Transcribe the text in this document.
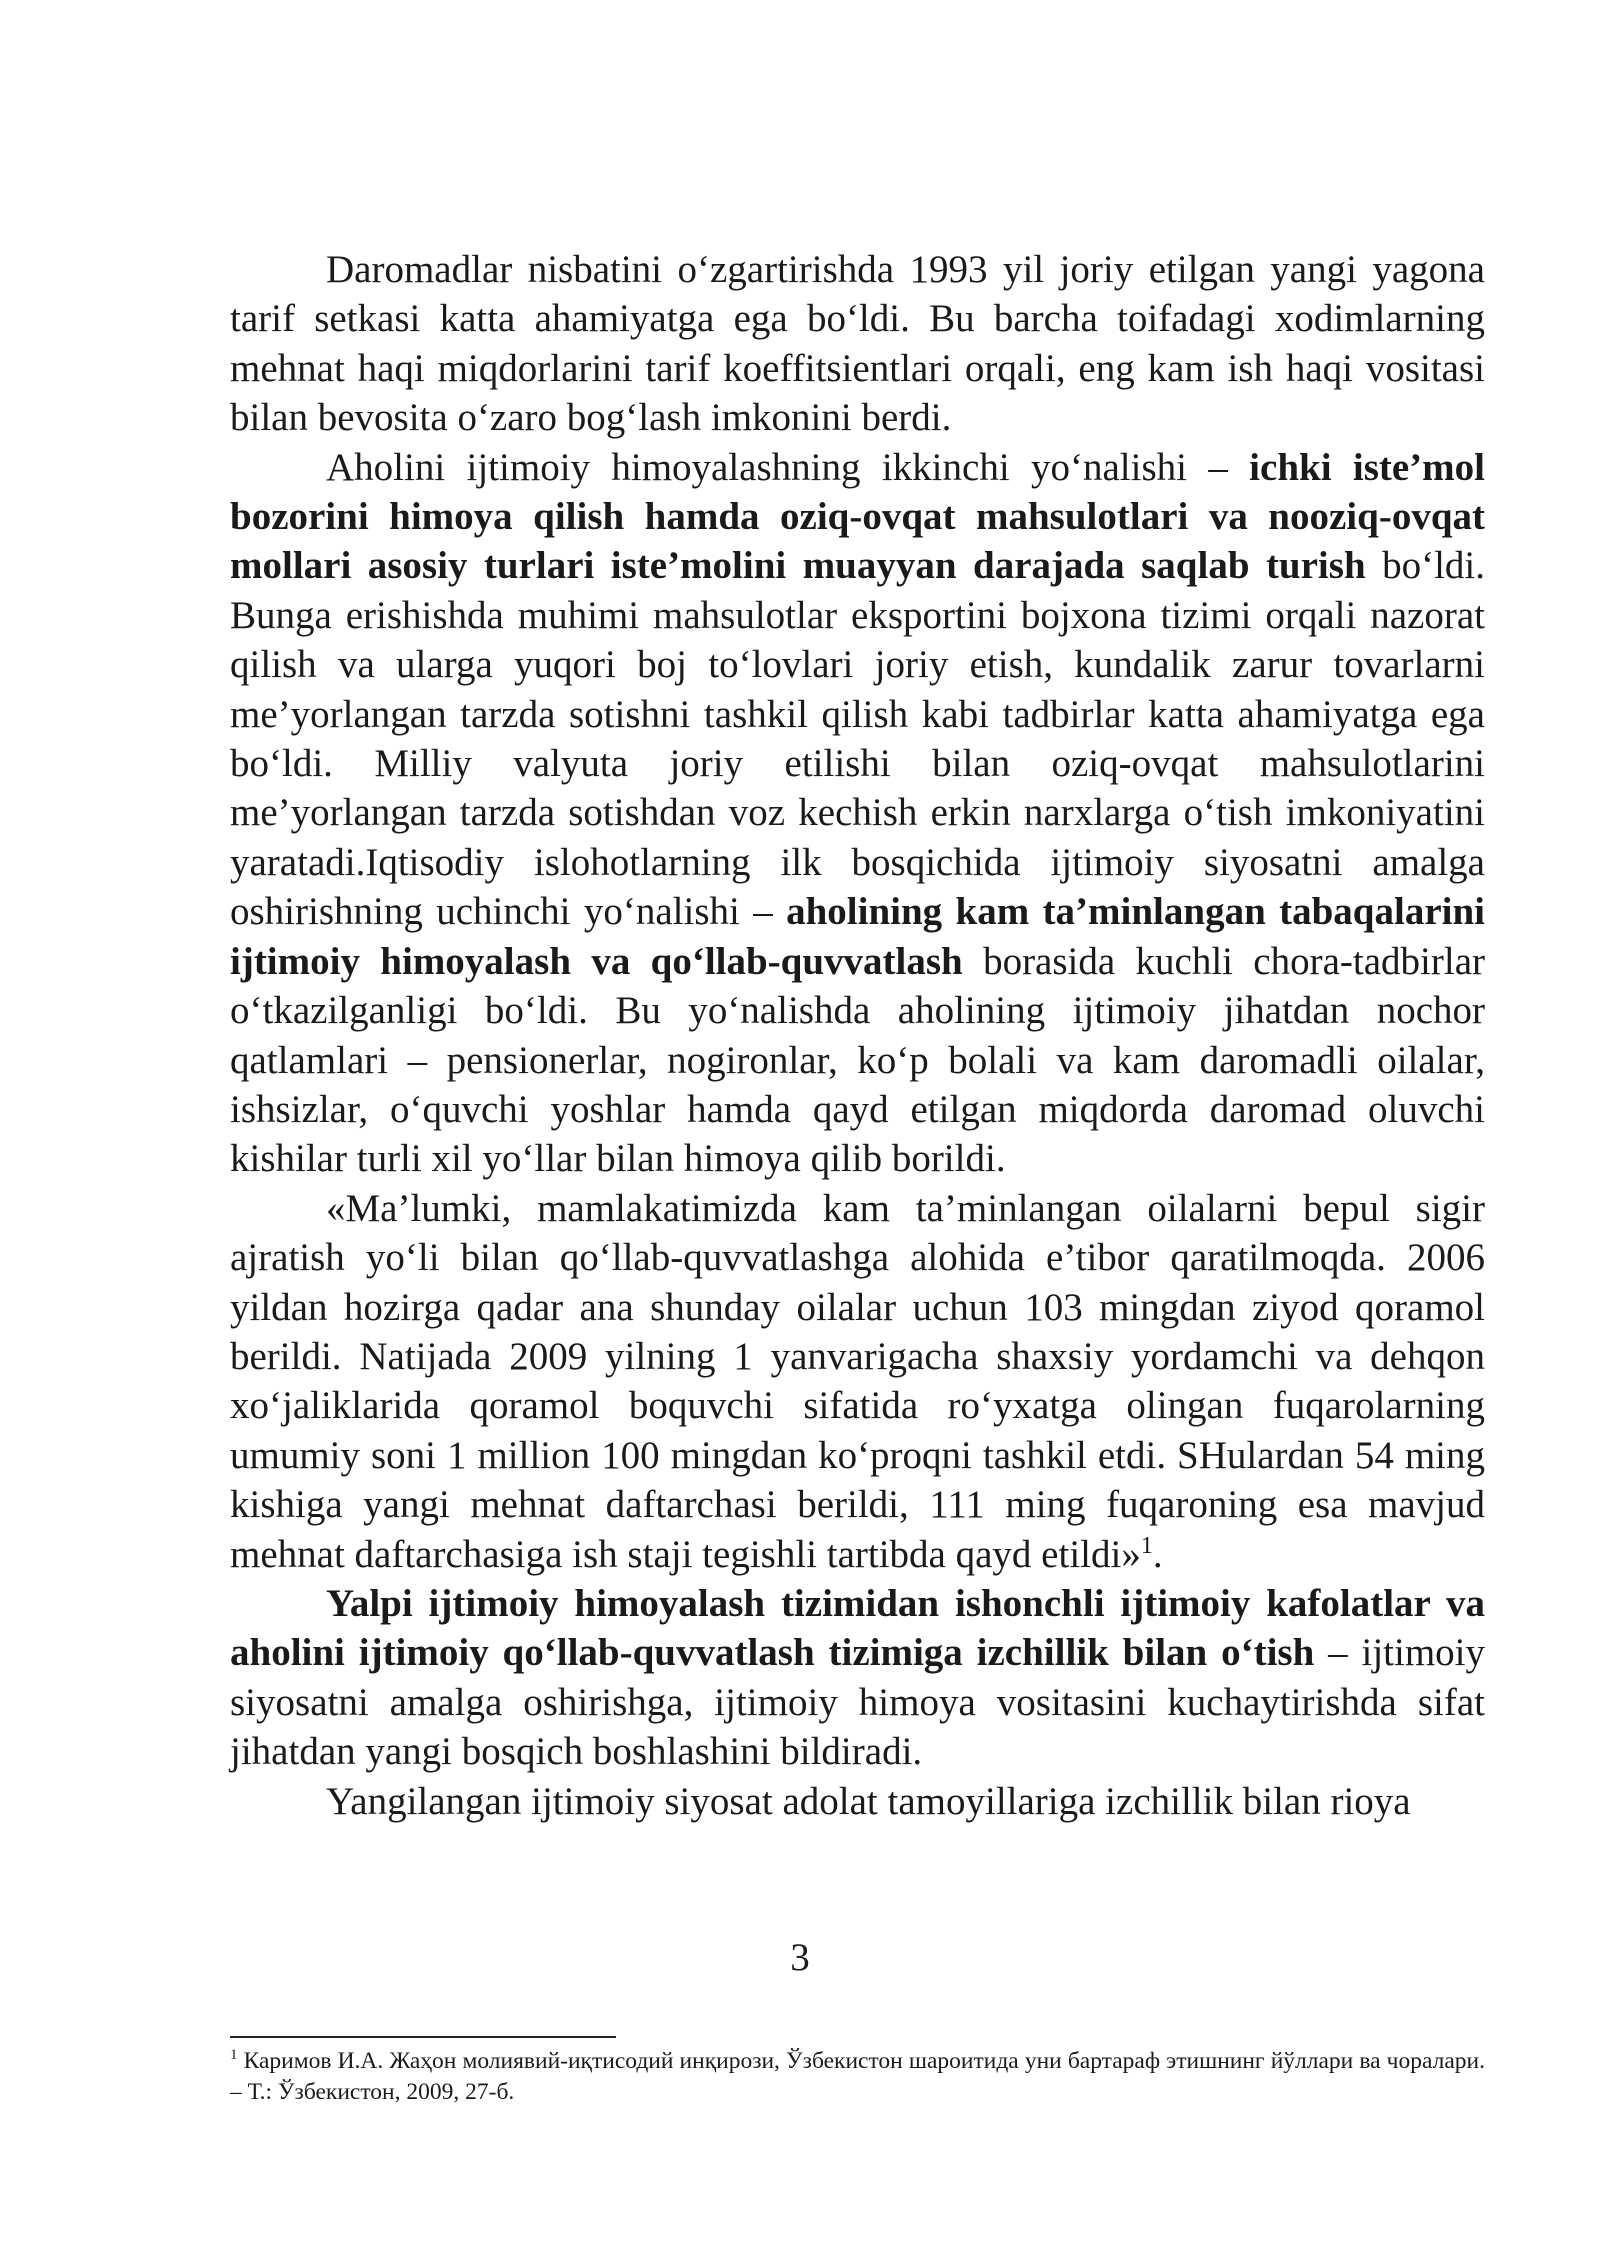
Daromadlar nisbatini o‘zgartirishda 1993 yil joriy etilgan yangi yagona tarif setkasi katta ahamiyatga ega bo‘ldi. Bu barcha toifadagi xodimlarning mehnat haqi miqdorlarini tarif koeffitsientlari orqali, eng kam ish haqi vositasi bilan bevosita o‘zaro bog‘lash imkonini berdi.

Aholini ijtimoiy himoyalashning ikkinchi yo‘nalishi – ichki iste’mol bozorini himoya qilish hamda oziq-ovqat mahsulotlari va nooziq-ovqat mollari asosiy turlari iste’molini muayyan darajada saqlab turish bo‘ldi. Bunga erishishda muhimi mahsulotlar eksportini bojxona tizimi orqali nazorat qilish va ularga yuqori boj to‘lovlari joriy etish, kundalik zarur tovarlarni me’yorlangan tarzda sotishni tashkil qilish kabi tadbirlar katta ahamiyatga ega bo‘ldi. Milliy valyuta joriy etilishi bilan oziq-ovqat mahsulotlarini me’yorlangan tarzda sotishdan voz kechish erkin narxlarga o‘tish imkoniyatini yaratadi.Iqtisodiy islohotlarning ilk bosqichida ijtimoiy siyosatni amalga oshirishning uchinchi yo‘nalishi – aholining kam ta’minlangan tabaqalarini ijtimoiy himoyalash va qo‘llab-quvvatlash borasida kuchli chora-tadbirlar o‘tkazilganligi bo‘ldi. Bu yo‘nalishda aholining ijtimoiy jihatdan nochor qatlamlari – pensionerlar, nogironlar, ko‘p bolali va kam daromadli oilalar, ishsizlar, o‘quvchi yoshlar hamda qayd etilgan miqdorda daromad oluvchi kishilar turli xil yo‘llar bilan himoya qilib borildi.

«Ma’lumki, mamlakatimizda kam ta’minlangan oilalarni bepul sigir ajratish yo‘li bilan qo‘llab-quvvatlashga alohida e’tibor qaratilmoqda. 2006 yildan hozirga qadar ana shunday oilalar uchun 103 mingdan ziyod qoramol berildi. Natijada 2009 yilning 1 yanvarigacha shaxsiy yordamchi va dehqon xo‘jaliklarida qoramol boquvchi sifatida ro‘yxatga olingan fuqarolarning umumiy soni 1 million 100 mingdan ko‘proqni tashkil etdi. SHulardan 54 ming kishiga yangi mehnat daftarchasi berildi, 111 ming fuqaroning esa mavjud mehnat daftarchasiga ish staji tegishli tartibda qayd etildi»$^1$.

Yalpi ijtimoiy himoyalash tizimidan ishonchli ijtimoiy kafolatlar va aholini ijtimoiy qo‘llab-quvvatlash tizimiga izchillik bilan o‘tish – ijtimoiy siyosatni amalga oshirishga, ijtimoiy himoya vositasini kuchaytirishda sifat jihatdan yangi bosqich boshlashini bildiradi.

Yangilangan ijtimoiy siyosat adolat tamoyillariga izchillik bilan rioya

3
$^1$ Каримов И.А. Жаҳон молиявий-иқтисодий инқирози, Ўзбекистон шароитида уни бартараф этишнинг йўллари ва чоралари. – Т.: Ўзбекистон, 2009, 27-б.
